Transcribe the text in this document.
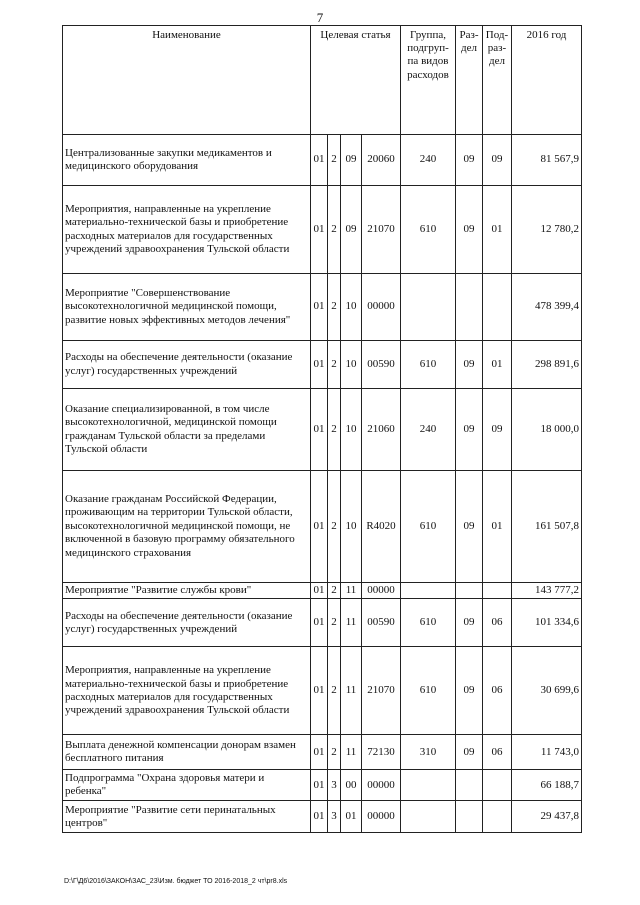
7
Наименование	Целевая статья				Группа, подгруп-па видов расходов	Раз-дел	Под-раз-дел	2016 год
Централизованные закупки медикаментов и медицинского оборудования	01	2	09	20060	240	09	09	81 567,9
Мероприятия, направленные на укрепление материально-технической базы и приобретение расходных материалов для государственных учреждений здравоохранения Тульской области	01	2	09	21070	610	09	01	12 780,2
Мероприятие "Совершенствование высокотехнологичной медицинской помощи, развитие новых эффективных методов лечения"	01	2	10	00000				478 399,4
Расходы на обеспечение деятельности (оказание услуг) государственных учреждений	01	2	10	00590	610	09	01	298 891,6
Оказание специализированной, в том числе высокотехнологичной, медицинской помощи гражданам Тульской области за пределами Тульской области	01	2	10	21060	240	09	09	18 000,0
Оказание гражданам Российской Федерации, проживающим на территории Тульской области, высокотехнологичной медицинской помощи, не включенной в базовую программу обязательного медицинского страхования	01	2	10	R4020	610	09	01	161 507,8
Мероприятие "Развитие службы крови"	01	2	11	00000				143 777,2
Расходы на обеспечение деятельности (оказание услуг) государственных учреждений	01	2	11	00590	610	09	06	101 334,6
Мероприятия, направленные на укрепление материально-технической базы и приобретение расходных материалов для государственных учреждений здравоохранения Тульской области	01	2	11	21070	610	09	06	30 699,6
Выплата денежной компенсации донорам взамен бесплатного питания	01	2	11	72130	310	09	06	11 743,0
Подпрограмма "Охрана здоровья матери и ребенка"	01	3	00	00000				66 188,7
Мероприятие "Развитие сети перинатальных центров"	01	3	01	00000				29 437,8
D:\Г\Д6\2016\ЗАКОН\ЗАС_23\Изм. бюджет ТО 2016-2018_2 чт\pr8.xls
